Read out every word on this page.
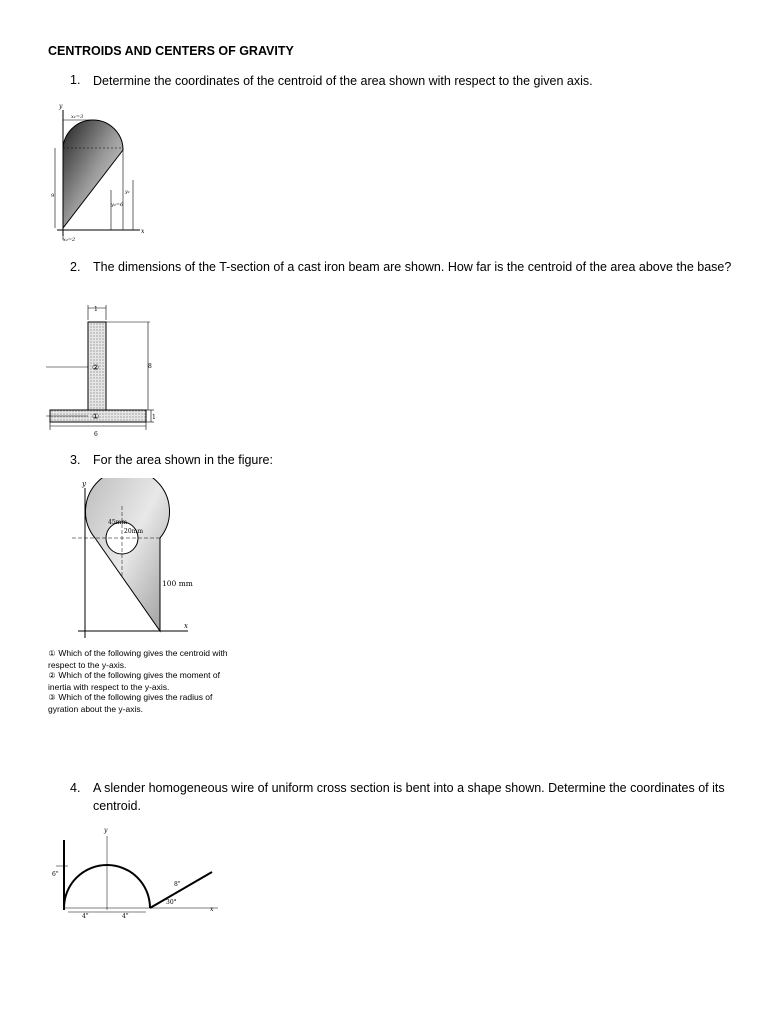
CENTROIDS AND CENTERS OF GRAVITY
1. Determine the coordinates of the centroid of the area shown with respect to the given axis.
y
x
x₁=3
9
y₁
y₂=6
x₂=2
2. The dimensions of the T-section of a cast iron beam are shown. How far is the centroid of the area above the base?
1
②
①
8
1
6
3. For the area shown in the figure:
y
x
45mm
20mm
100 mm
① Which of the following gives the centroid with respect to the y-axis.
② Which of the following gives the moment of inertia with respect to the y-axis.
③ Which of the following gives the radius of gyration about the y-axis.
4. A slender homogeneous wire of uniform cross section is bent into a shape shown. Determine the coordinates of its centroid.
y
x
6"
8"
30°
4"	4"
